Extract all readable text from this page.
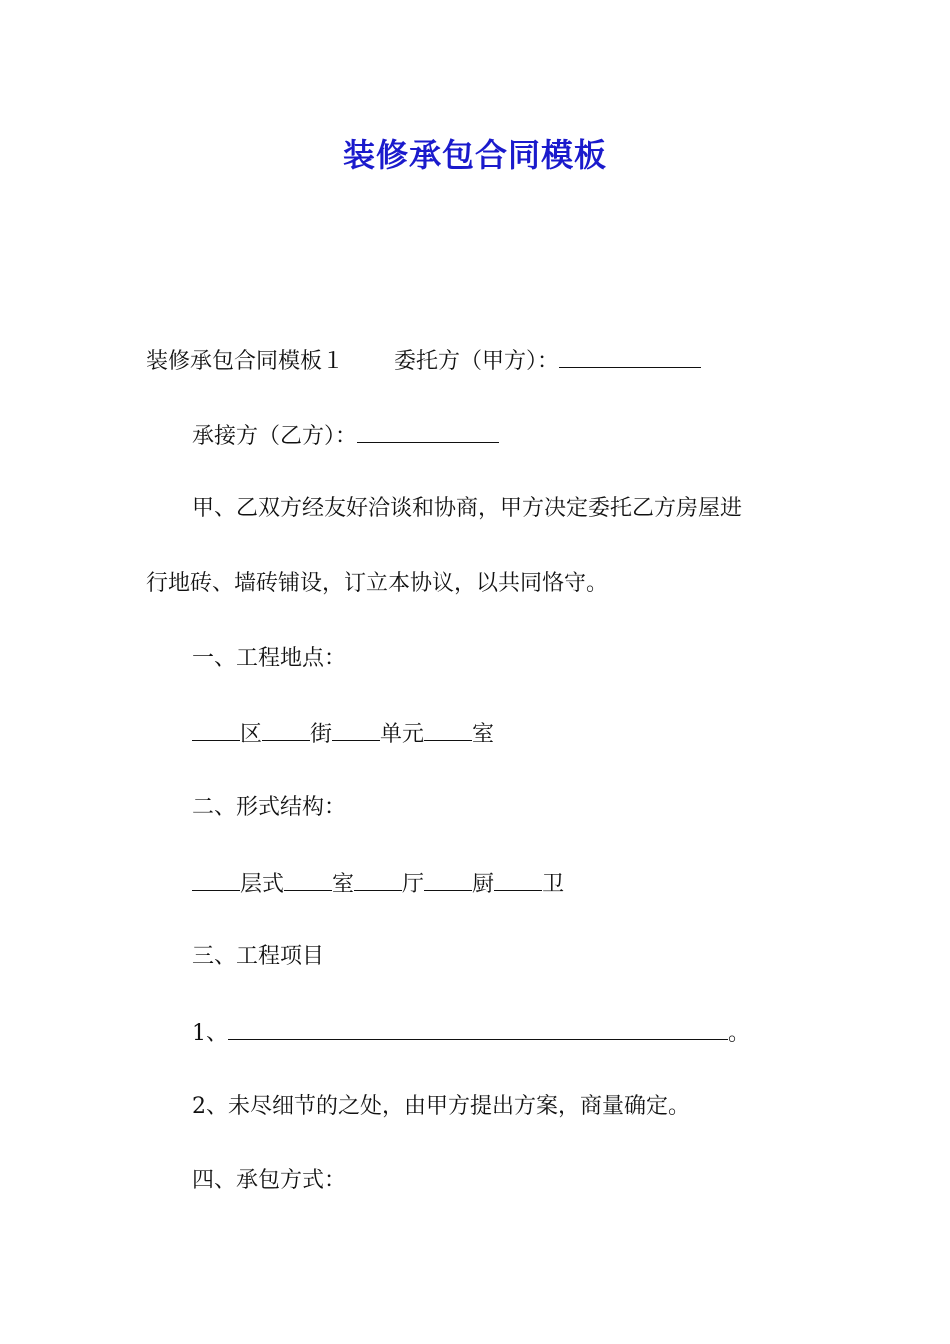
装修承包合同模板
装修承包合同模板１ 委托方（甲方）：
承接方（乙方）：
甲、乙双方经友好洽谈和协商，甲方决定委托乙方房屋进
行地砖、墙砖铺设，订立本协议，以共同恪守。
一、工程地点：
区 街 单元 室
二、形式结构：
层式 室 厅 厨 卫
三、工程项目
1、	。
2、未尽细节的之处，由甲方提出方案，商量确定。
四、承包方式：
